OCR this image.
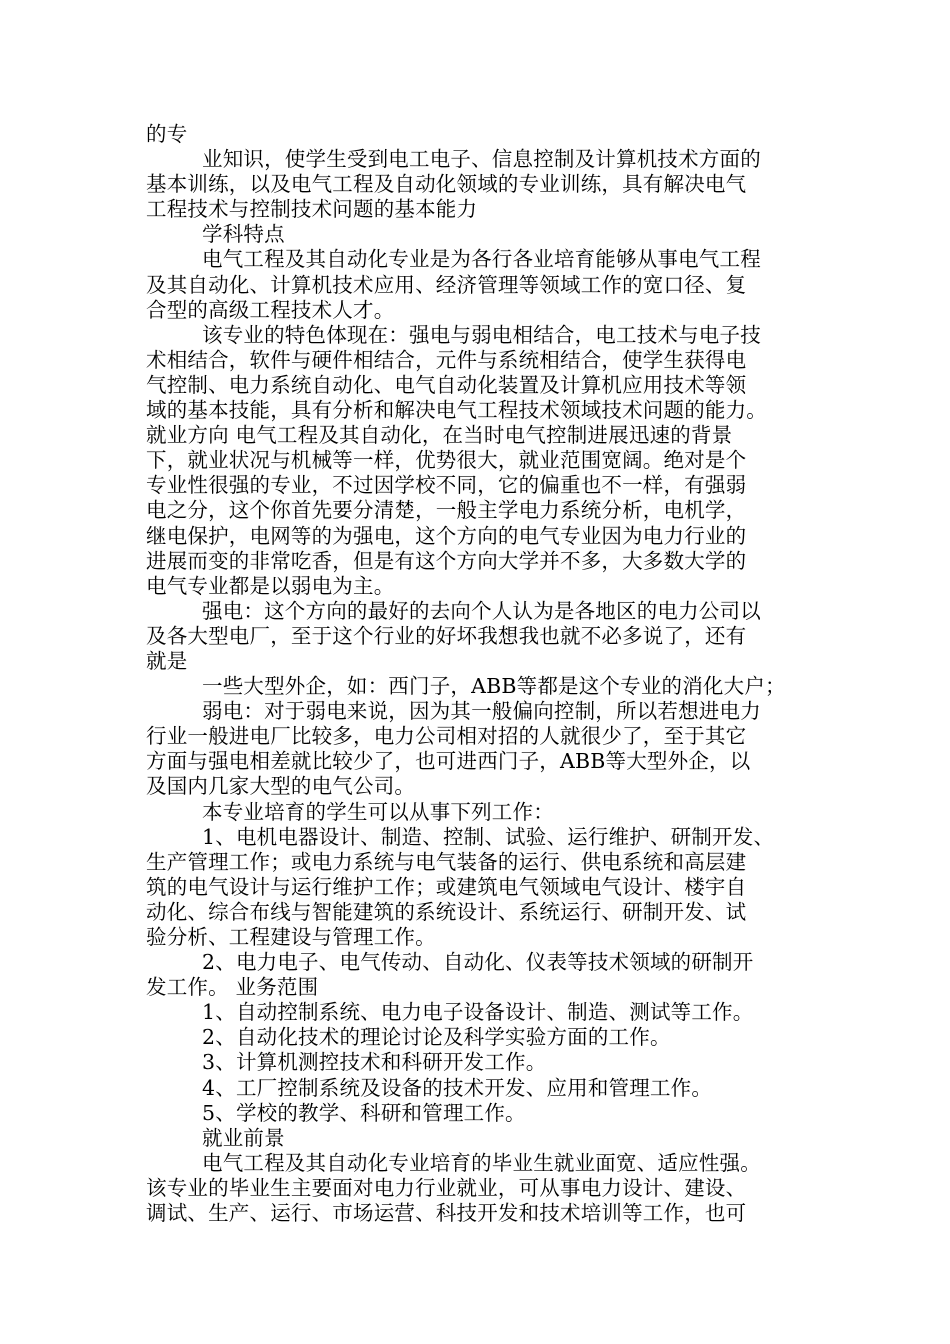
的专
业知识，使学生受到电工电子、信息控制及计算机技术方面的
基本训练，以及电气工程及自动化领域的专业训练，具有解决电气
工程技术与控制技术问题的基本能力
学科特点
电气工程及其自动化专业是为各行各业培育能够从事电气工程
及其自动化、计算机技术应用、经济管理等领域工作的宽口径、复
合型的高级工程技术人才。
该专业的特色体现在：强电与弱电相结合，电工技术与电子技
术相结合，软件与硬件相结合，元件与系统相结合，使学生获得电
气控制、电力系统自动化、电气自动化装置及计算机应用技术等领
域的基本技能，具有分析和解决电气工程技术领域技术问题的能力。
就业方向 电气工程及其自动化，在当时电气控制进展迅速的背景
下，就业状况与机械等一样，优势很大，就业范围宽阔。绝对是个
专业性很强的专业，不过因学校不同，它的偏重也不一样，有强弱
电之分，这个你首先要分清楚，一般主学电力系统分析，电机学，
继电保护，电网等的为强电，这个方向的电气专业因为电力行业的
进展而变的非常吃香，但是有这个方向大学并不多，大多数大学的
电气专业都是以弱电为主。
强电：这个方向的最好的去向个人认为是各地区的电力公司以
及各大型电厂，至于这个行业的好坏我想我也就不必多说了，还有
就是
一些大型外企，如：西门子，ABB等都是这个专业的消化大户；
弱电：对于弱电来说，因为其一般偏向控制，所以若想进电力
行业一般进电厂比较多，电力公司相对招的人就很少了，至于其它
方面与强电相差就比较少了，也可进西门子，ABB等大型外企，以
及国内几家大型的电气公司。
本专业培育的学生可以从事下列工作：
1、电机电器设计、制造、控制、试验、运行维护、研制开发、
生产管理工作；或电力系统与电气装备的运行、供电系统和高层建
筑的电气设计与运行维护工作；或建筑电气领域电气设计、楼宇自
动化、综合布线与智能建筑的系统设计、系统运行、研制开发、试
验分析、工程建设与管理工作。
2、电力电子、电气传动、自动化、仪表等技术领域的研制开
发工作。 业务范围
1、自动控制系统、电力电子设备设计、制造、测试等工作。
2、自动化技术的理论讨论及科学实验方面的工作。
3、计算机测控技术和科研开发工作。
4、工厂控制系统及设备的技术开发、应用和管理工作。
5、学校的教学、科研和管理工作。
就业前景
电气工程及其自动化专业培育的毕业生就业面宽、适应性强。
该专业的毕业生主要面对电力行业就业，可从事电力设计、建设、
调试、生产、运行、市场运营、科技开发和技术培训等工作，也可
